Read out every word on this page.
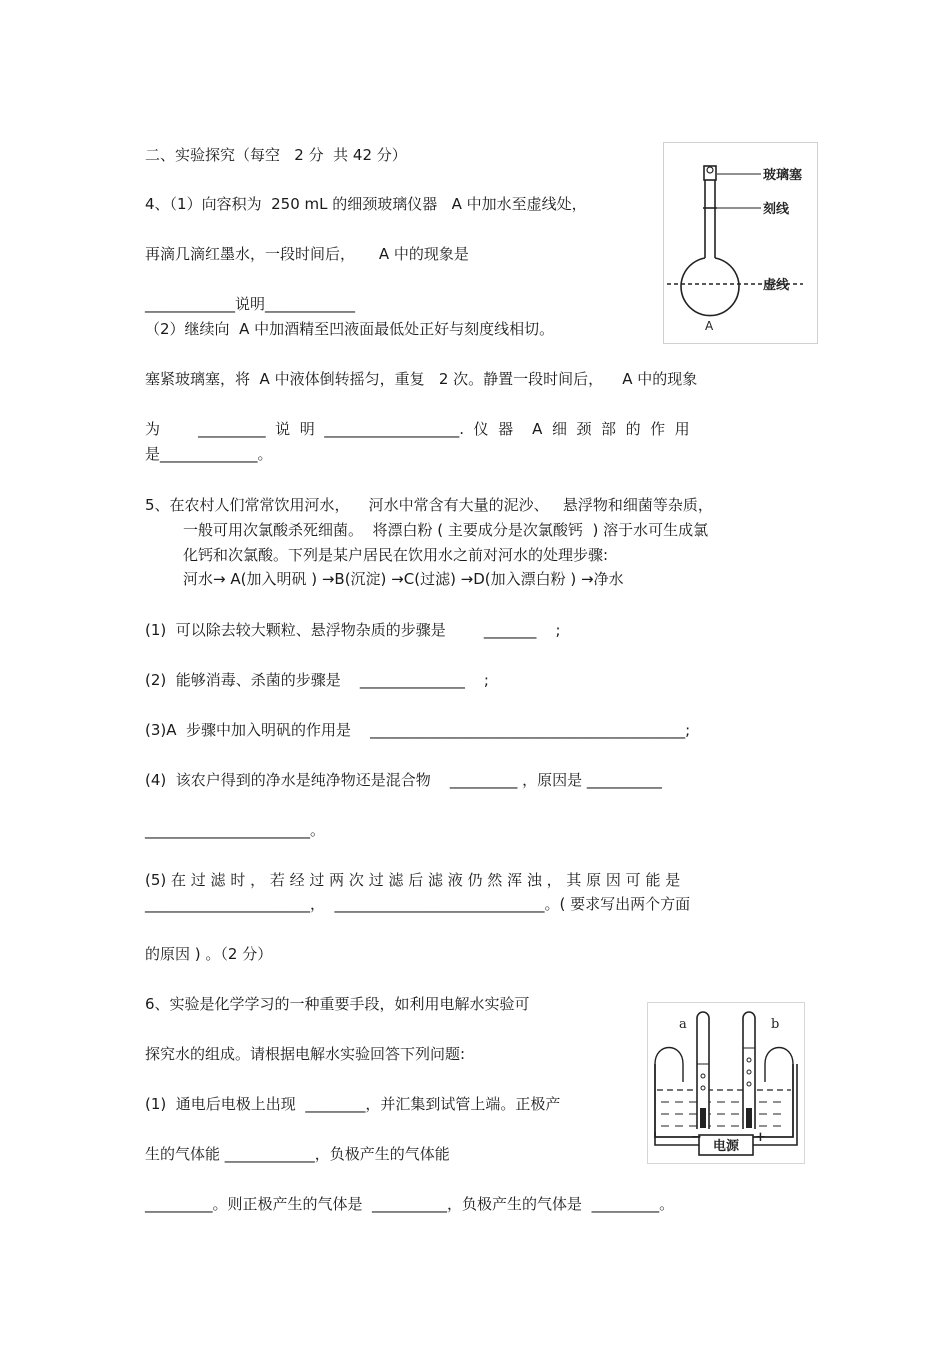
二、实验探究（每空   2 分  共 42 分）
4、（1）向容积为  250 mL 的细颈玻璃仪器   A 中加水至虚线处，
再滴几滴红墨水，一段时间后，     A 中的现象是
____________说明____________
（2）继续向  A 中加酒精至凹液面最低处正好与刻度线相切。
塞紧玻璃塞，将  A 中液体倒转摇匀，重复   2 次。静置一段时间后，    A 中的现象
为        _________  说  明  __________________.  仪  器    A  细  颈  部  的  作  用
是_____________。
玻璃塞
刻线
虚线
A
5、在农村人们常常饮用河水，    河水中常含有大量的泥沙、   悬浮物和细菌等杂质，
一般可用次氯酸杀死细菌。  将漂白粉 ( 主要成分是次氯酸钙  ) 溶于水可生成氯
化钙和次氯酸。下列是某户居民在饮用水之前对河水的处理步骤:
河水→ A(加入明矾 ) →B(沉淀) →C(过滤) →D(加入漂白粉 ) →净水
(1)  可以除去较大颗粒、悬浮物杂质的步骤是        _______    ;
(2)  能够消毒、杀菌的步骤是    ______________    ;
(3)A  步骤中加入明矾的作用是    __________________________________________;
(4)  该农户得到的净水是纯净物还是混合物    _________ ，原因是 __________
______________________。
(5) 在 过 滤 时 ， 若 经 过 两 次 过 滤 后 滤 液 仍 然 浑 浊 ， 其 原 因 可 能 是
______________________，  ____________________________。( 要求写出两个方面
的原因 ) 。（2 分）
6、实验是化学学习的一种重要手段，如利用电解水实验可
探究水的组成。请根据电解水实验回答下列问题:
(1)  通电后电极上出现  ________，并汇集到试管上端。正极产
生的气体能 ____________，负极产生的气体能
_________。则正极产生的气体是  __________，负极产生的气体是  _________。
电源
−	+
a	b
